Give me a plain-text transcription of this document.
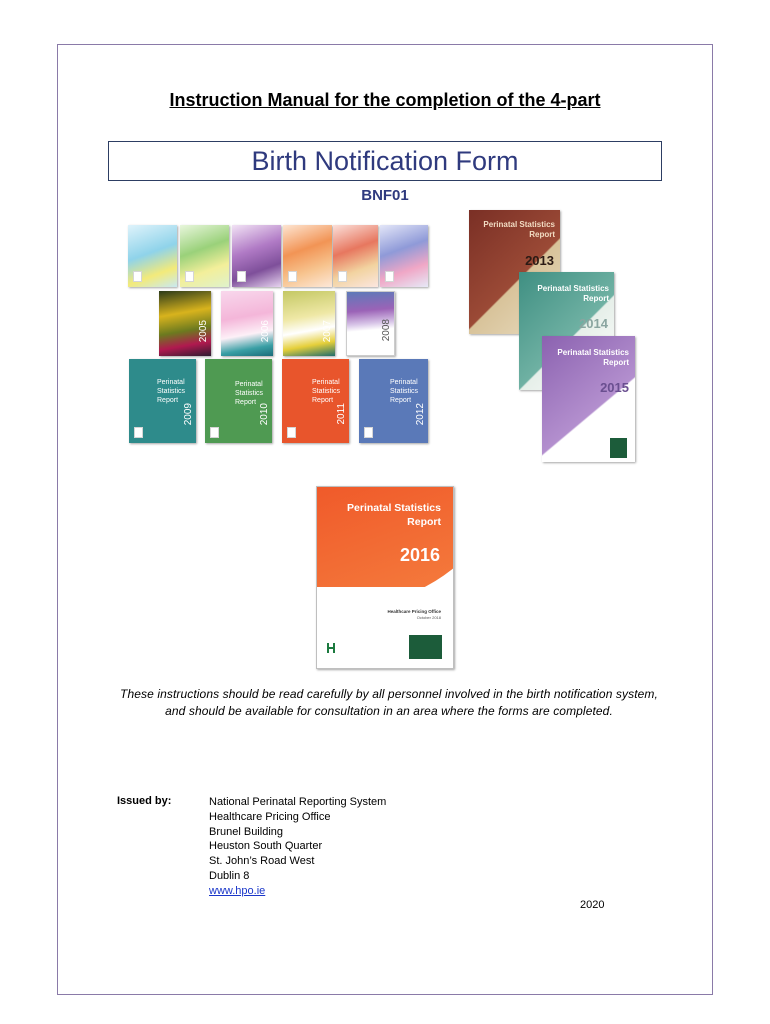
Instruction Manual for the completion of the 4-part
Birth Notification Form
BNF01
2005	2006	2007	2008
Perinatal
Statistics
Report
2009
Perinatal
Statistics
Report
2010
Perinatal
Statistics
Report
2011
Perinatal
Statistics
Report
2012
Perinatal Statistics Report
2013
Perinatal Statistics Report
2014
Perinatal Statistics Report
2015
Perinatal Statistics Report
2016
Healthcare Pricing Office
October 2018
These instructions should be read carefully by all personnel involved in the birth notification system, and should be available for consultation in an area where the forms are completed.
Issued by:	National Perinatal Reporting System
Healthcare Pricing Office
Brunel Building
Heuston South Quarter
St. John’s Road West
Dublin 8
www.hpo.ie
2020
